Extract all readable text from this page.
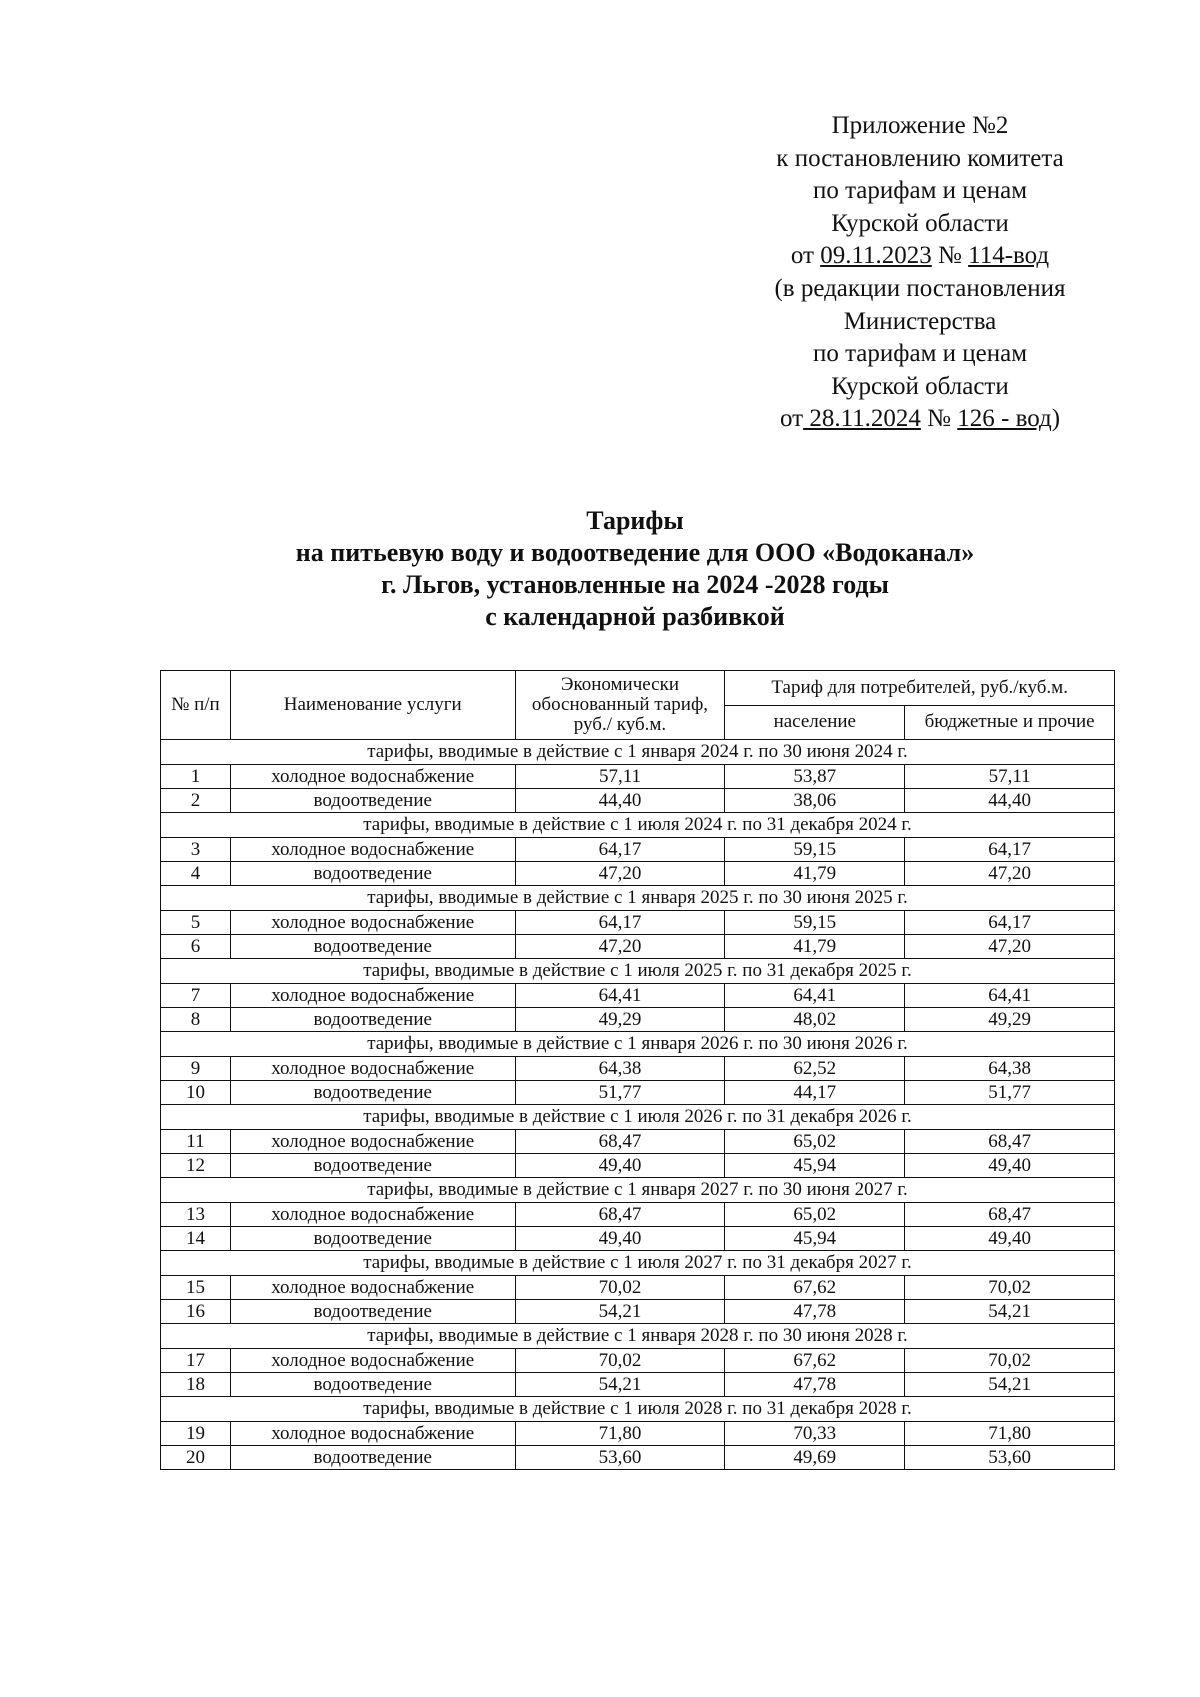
Приложение №2
к постановлению комитета
по тарифам и ценам
Курской области
от 09.11.2023 № 114-вод
(в редакции постановления
Министерства
по тарифам и ценам
Курской области
от 28.11.2024 № 126 - вод)
Тарифы
на питьевую воду и водоотведение для ООО «Водоканал»
г. Льгов, установленные на 2024 -2028 годы
с календарной разбивкой
№ п/п	Наименование услуги	Экономически обоснованный тариф, руб./ куб.м.	Тариф для потребителей, руб./куб.м.	
			население	бюджетные и прочие
тарифы, вводимые в действие с 1 января 2024 г. по 30 июня 2024 г.				
1	холодное водоснабжение	57,11	53,87	57,11
2	водоотведение	44,40	38,06	44,40
тарифы, вводимые в действие с 1 июля 2024 г. по 31 декабря 2024 г.				
3	холодное водоснабжение	64,17	59,15	64,17
4	водоотведение	47,20	41,79	47,20
тарифы, вводимые в действие с 1 января 2025 г. по 30 июня 2025 г.				
5	холодное водоснабжение	64,17	59,15	64,17
6	водоотведение	47,20	41,79	47,20
тарифы, вводимые в действие с 1 июля 2025 г. по 31 декабря 2025 г.				
7	холодное водоснабжение	64,41	64,41	64,41
8	водоотведение	49,29	48,02	49,29
тарифы, вводимые в действие с 1 января 2026 г. по 30 июня 2026 г.				
9	холодное водоснабжение	64,38	62,52	64,38
10	водоотведение	51,77	44,17	51,77
тарифы, вводимые в действие с 1 июля 2026 г. по 31 декабря 2026 г.				
11	холодное водоснабжение	68,47	65,02	68,47
12	водоотведение	49,40	45,94	49,40
тарифы, вводимые в действие с 1 января 2027 г. по 30 июня 2027 г.				
13	холодное водоснабжение	68,47	65,02	68,47
14	водоотведение	49,40	45,94	49,40
тарифы, вводимые в действие с 1 июля 2027 г. по 31 декабря 2027 г.				
15	холодное водоснабжение	70,02	67,62	70,02
16	водоотведение	54,21	47,78	54,21
тарифы, вводимые в действие с 1 января 2028 г. по 30 июня 2028 г.				
17	холодное водоснабжение	70,02	67,62	70,02
18	водоотведение	54,21	47,78	54,21
тарифы, вводимые в действие с 1 июля 2028 г. по 31 декабря 2028 г.				
19	холодное водоснабжение	71,80	70,33	71,80
20	водоотведение	53,60	49,69	53,60
